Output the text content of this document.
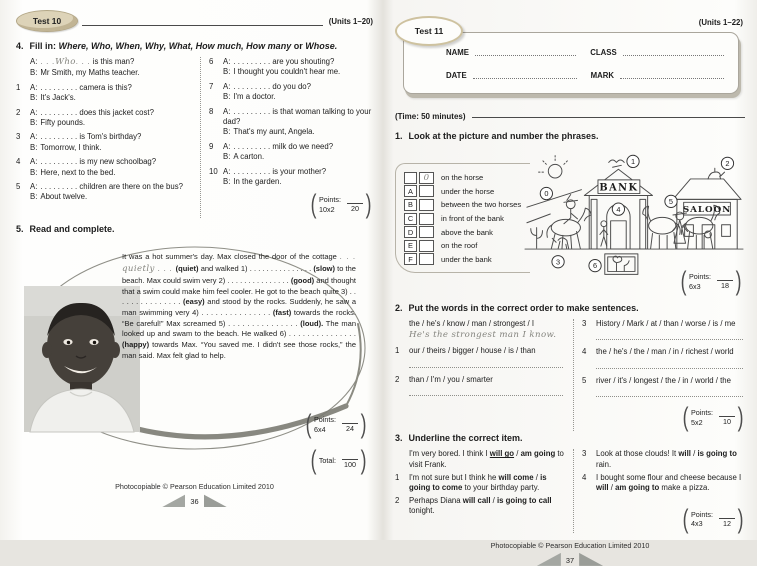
Test 10	(Units 1–20)
4. Fill in: Where, Who, When, Why, What, How much, How many or Whose.
A: . . .Who. . . is this man?
B: Mr Smith, my Maths teacher.
1	A: . . . . . . . . . camera is this?
B: It's Jack's.
2	A: . . . . . . . . . does this jacket cost?
B: Fifty pounds.
3	A: . . . . . . . . . is Tom's birthday?
B: Tomorrow, I think.
4	A: . . . . . . . . . is my new schoolbag?
B: Here, next to the bed.
5	A: . . . . . . . . . children are there on the bus?
B: About twelve.
6	A: . . . . . . . . . are you shouting?
B: I thought you couldn't hear me.
7	A: . . . . . . . . . do you do?
B: I'm a doctor.
8	A: . . . . . . . . . is that woman talking to your dad?
B: That's my aunt, Angela.
9	A: . . . . . . . . . milk do we need?
B: A carton.
10 A: . . . . . . . . . is your mother?
B: In the garden.
( Points:
10x2 20 )
5. Read and complete.
It was a hot summer's day. Max closed the door of the cottage . . . quietly . . . (quiet) and walked 1) . . . . . . . . . . . . . . . (slow) to the beach. Max could swim very 2) . . . . . . . . . . . . . . . (good) and thought that a swim could make him feel cooler. He got to the beach quite 3) . . . . . . . . . . . . . . . (easy) and stood by the rocks. Suddenly, he saw a man swimming very 4) . . . . . . . . . . . . . . . (fast) towards the rocks. “Be careful!” Max screamed 5) . . . . . . . . . . . . . . . (loud). The man looked up and swam to the beach. He walked 6) . . . . . . . . . . . . . . . (happy) towards Max. “You saved me. I didn't see those rocks,” the man said. Max felt glad to help.
( Points:
6x4	24 )
( Total: 100 )
Photocopiable © Pearson Education Limited 2010
36
Test 11
(Units 1–22)
NAME	CLASS
DATE	MARK
(Time: 50 minutes)
1. Look at the picture and number the phrases.
0 on the horse
A	under the horse
B	between the two horses
C	in front of the bank
D	above the bank
E	on the roof
F	under the bank
BANK
SALOON
0
1	2
3
4
5
6
( Points:
6x3	18 )
2. Put the words in the correct order to make sentences.
the / he's / know / man / strongest / I
He's the strongest man I know.
1	our / theirs / bigger / house / is / than
2	than / I'm / you / smarter
3	History / Mark / at / than / worse / is / me
4	the / he's / the / man / in / richest / world
5	river / it's / longest / the / in / world / the
( Points:
5x2	10 )
3. Underline the correct item.

I'm very bored. I think I will go / am going to visit Frank.

1	I'm not sure but I think he will come / is going to come to your birthday party.

2	Perhaps Diana will call / is going to call tonight.

3	Look at those clouds! It will / is going to rain.

4	I bought some flour and cheese because I will / am going to make a pizza.

( Points:
4x3	12 )
Photocopiable © Pearson Education Limited 2010
37
